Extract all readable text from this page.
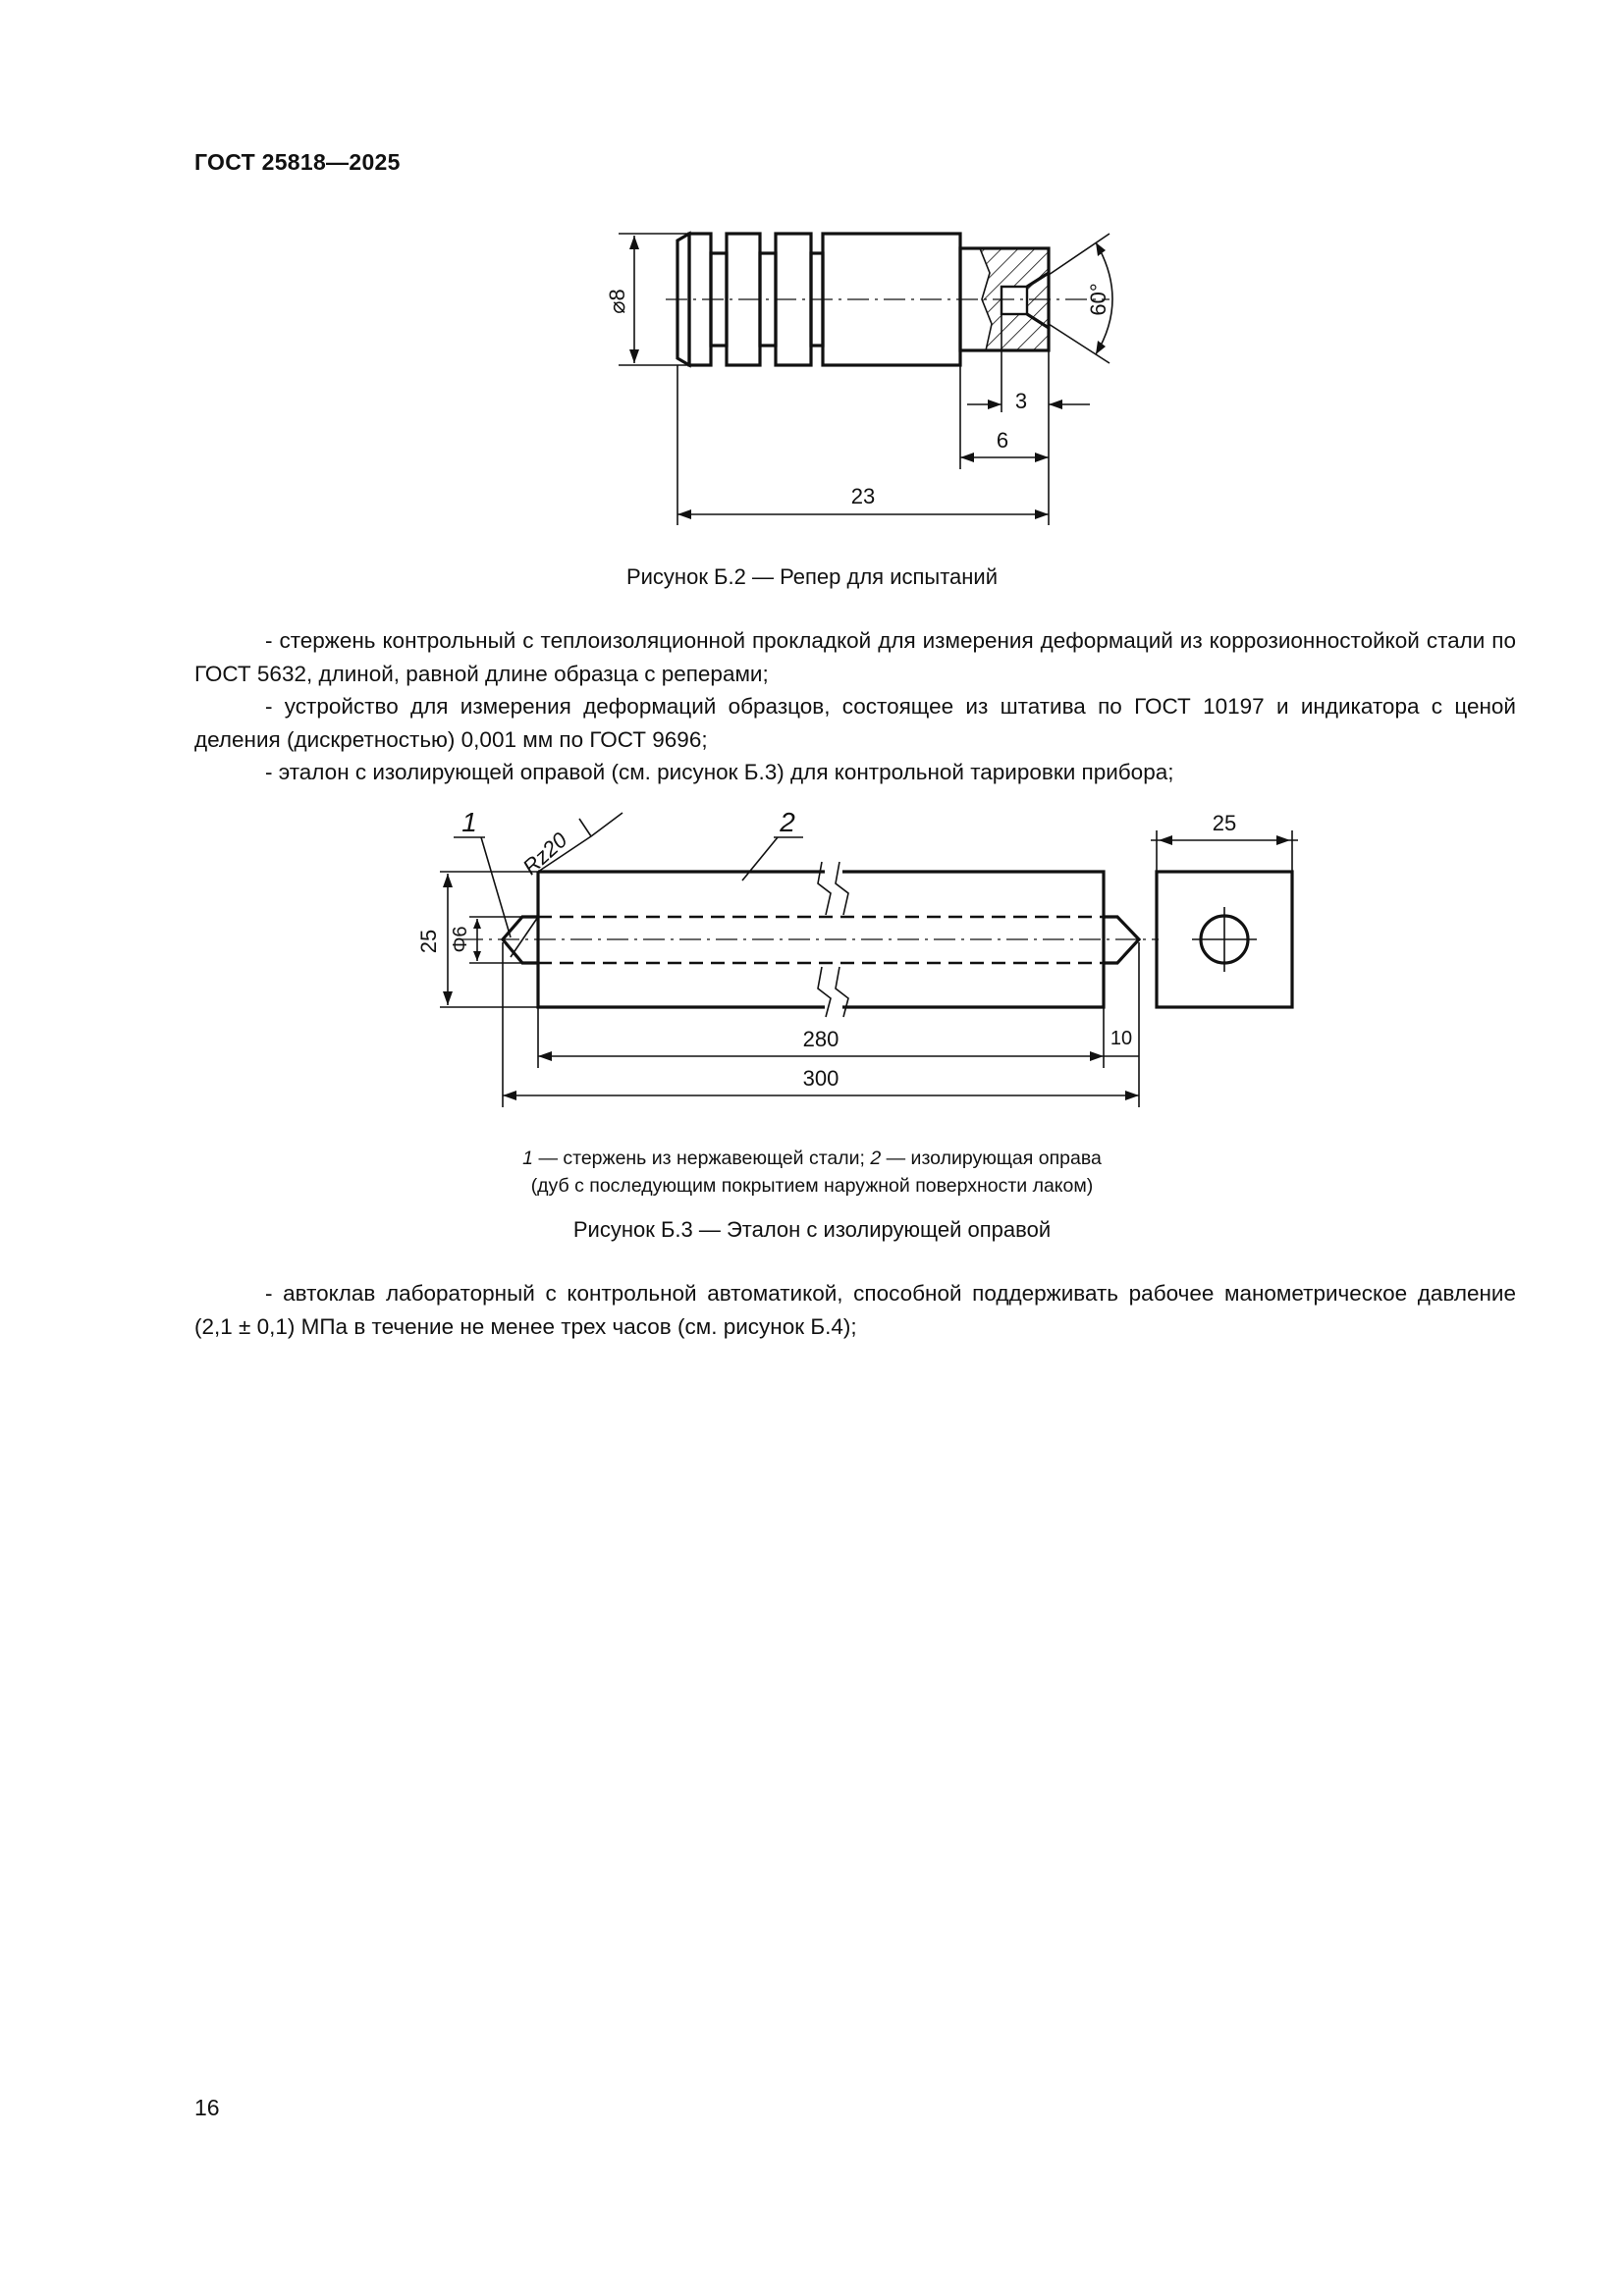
ГОСТ 25818—2025
⌀8	60°
3
6
23
Рисунок Б.2 — Репер для испытаний

- стержень контрольный с теплоизоляционной прокладкой для измерения деформаций из коррозионностойкой стали по ГОСТ 5632, длиной, равной длине образца с реперами;

- устройство для измерения деформаций образцов, состоящее из штатива по ГОСТ 10197 и индикатора с ценой деления (дискретностью) 0,001 мм по ГОСТ 9696;

- эталон с изолирующей оправой (см. рисунок Б.3) для контрольной тарировки прибора;

1	2
Rz20
25 Φ6
280	10
300
25
1 — стержень из нержавеющей стали; 2 — изолирующая оправа
(дуб с последующим покрытием наружной поверхности лаком)
Рисунок Б.3 — Эталон с изолирующей оправой

- автоклав лабораторный с контрольной автоматикой, способной поддерживать рабочее манометрическое давление (2,1 ± 0,1) МПа в течение не менее трех часов (см. рисунок Б.4);

16
